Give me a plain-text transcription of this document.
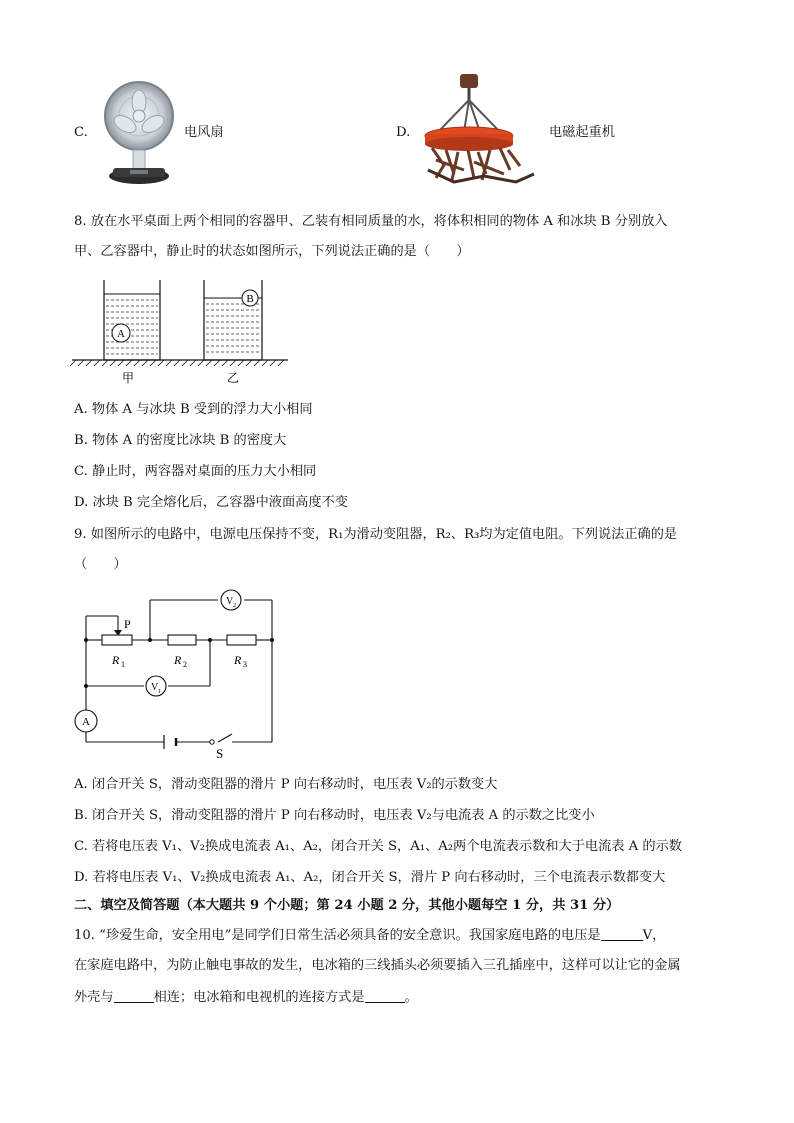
C.	电风扇	D.	电磁起重机
8. 放在水平桌面上两个相同的容器甲、乙装有相同质量的水，将体积相同的物体 A 和冰块 B 分别放入
甲、乙容器中，静止时的状态如图所示，下列说法正确的是（　　）
A
B
甲	乙
A. 物体 A 与冰块 B 受到的浮力大小相同
B. 物体 A 的密度比冰块 B 的密度大
C. 静止时，两容器对桌面的压力大小相同
D. 冰块 B 完全熔化后，乙容器中液面高度不变
9. 如图所示的电路中，电源电压保持不变，R₁为滑动变阻器，R₂、R₃均为定值电阻。下列说法正确的是
（　　）
P
R 1	R 2	R 3
V 2
V 1
A
S
A. 闭合开关 S，滑动变阻器的滑片 P 向右移动时，电压表 V₂的示数变大
B. 闭合开关 S，滑动变阻器的滑片 P 向右移动时，电压表 V₂与电流表 A 的示数之比变小
C. 若将电压表 V₁、V₂换成电流表 A₁、A₂，闭合开关 S，A₁、A₂两个电流表示数和大于电流表 A 的示数
D. 若将电压表 V₁、V₂换成电流表 A₁、A₂，闭合开关 S，滑片 P 向右移动时，三个电流表示数都变大
二、填空及简答题（本大题共 9 个小题；第 24 小题 2 分，其他小题每空 1 分，共 31 分）
10. “珍爱生命，安全用电”是同学们日常生活必须具备的安全意识。我国家庭电路的电压是	V，
在家庭电路中，为防止触电事故的发生，电冰箱的三线插头必须要插入三孔插座中，这样可以让它的金属
外壳与	相连；电冰箱和电视机的连接方式是	。
